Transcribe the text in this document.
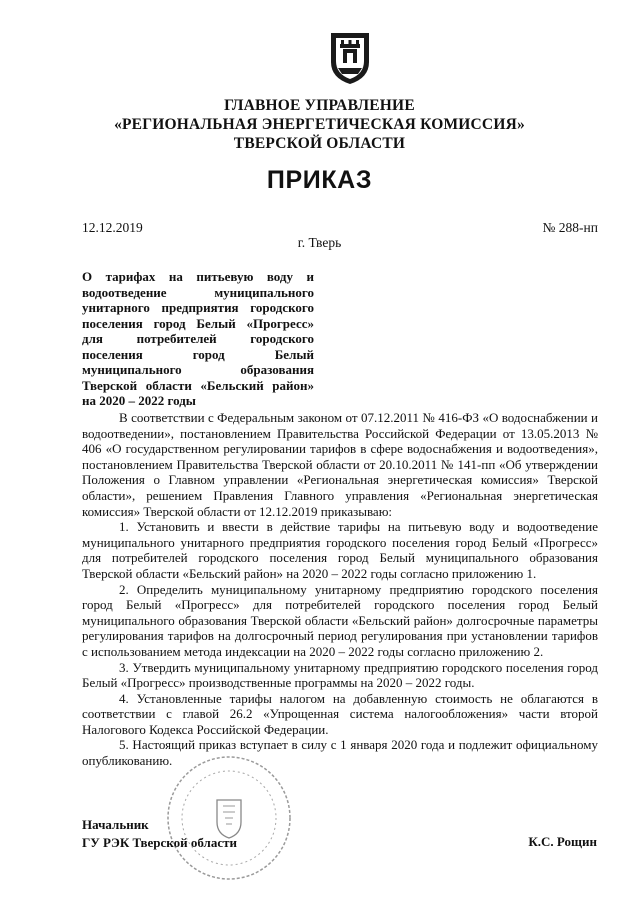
ГЛАВНОЕ УПРАВЛЕНИЕ
«РЕГИОНАЛЬНАЯ ЭНЕРГЕТИЧЕСКАЯ КОМИССИЯ»
ТВЕРСКОЙ ОБЛАСТИ
ПРИКАЗ
12.12.2019	№ 288-нп
г. Тверь
О тарифах на питьевую воду и водоотведение муниципального унитарного предприятия городского поселения город Белый «Прогресс» для потребителей городского поселения город Белый муниципального образования Тверской области «Бельский район» на 2020 – 2022 годы

В соответствии с Федеральным законом от 07.12.2011 № 416-ФЗ «О водоснабжении и водоотведении», постановлением Правительства Российской Федерации от 13.05.2013 № 406 «О государственном регулировании тарифов в сфере водоснабжения и водоотведения», постановлением Правительства Тверской области от 20.10.2011 № 141-пп «Об утверждении Положения о Главном управлении «Региональная энергетическая комиссия» Тверской области», решением Правления Главного управления «Региональная энергетическая комиссия» Тверской области от 12.12.2019 приказываю:

1. Установить и ввести в действие тарифы на питьевую воду и водоотведение муниципального унитарного предприятия городского поселения город Белый «Прогресс» для потребителей городского поселения город Белый муниципального образования Тверской области «Бельский район» на 2020 – 2022 годы согласно приложению 1.

2. Определить муниципальному унитарному предприятию городского поселения город Белый «Прогресс» для потребителей городского поселения город Белый муниципального образования Тверской области «Бельский район» долгосрочные параметры регулирования тарифов на долгосрочный период регулирования при установлении тарифов с использованием метода индексации на 2020 – 2022 годы согласно приложению 2.

3. Утвердить муниципальному унитарному предприятию городского поселения город Белый «Прогресс» производственные программы на 2020 – 2022 годы.

4. Установленные тарифы налогом на добавленную стоимость не облагаются в соответствии с главой 26.2 «Упрощенная система налогообложения» части второй Налогового Кодекса Российской Федерации.

5. Настоящий приказ вступает в силу с 1 января 2020 года и подлежит официальному опубликованию.

Начальник
ГУ РЭК Тверской области	К.С. Рощин
